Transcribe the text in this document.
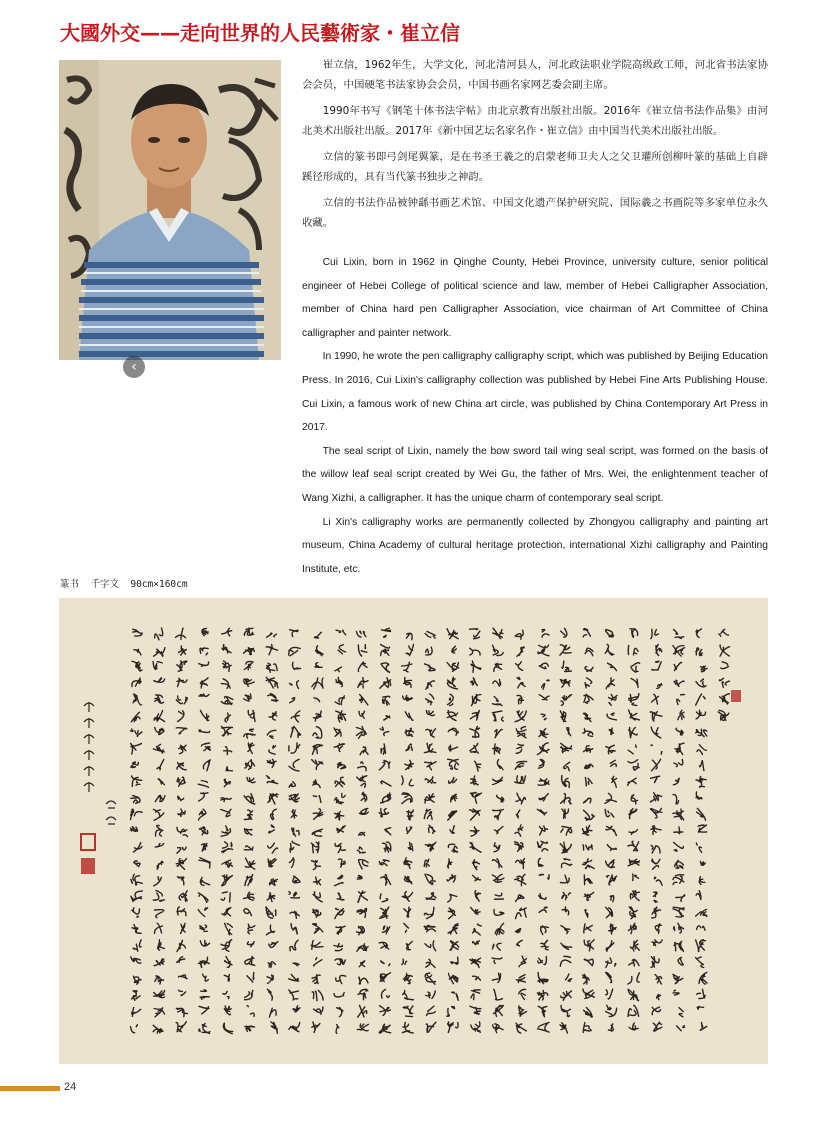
大國外交——走向世界的人民藝術家・崔立信
‹

崔立信，1962年生，大学文化，河北清河县人，河北政法职业学院高级政工师，河北省书法家协会会员，中国硬笔书法家协会会员，中国书画名家网艺委会副主席。

1990年书写《钢笔十体书法字帖》由北京教育出版社出版。2016年《崔立信书法作品集》由河北美术出版社出版。2017年《新中国艺坛名家名作・崔立信》由中国当代美术出版社出版。

立信的篆书即弓剑尾翼篆，是在书圣王羲之的启蒙老师卫夫人之父卫瓘所创柳叶篆的基础上自辟蹊径形成的，具有当代篆书独步之神韵。

立信的书法作品被钟繇书画艺术馆、中国文化遗产保护研究院、国际羲之书画院等多家单位永久收藏。

Cui Lixin, born in 1962 in Qinghe County, Hebei Province, university culture, senior political engineer of Hebei College of political science and law, member of Hebei Calligrapher Association, member of China hard pen Calligrapher Association, vice chairman of Art Committee of China calligrapher and painter network.

In 1990, he wrote the pen calligraphy calligraphy script, which was published by Beijing Education Press. In 2016, Cui Lixin's calligraphy collection was published by Hebei Fine Arts Publishing House. Cui Lixin, a famous work of new China art circle, was published by China Contemporary Art Press in 2017.

The seal script of Lixin, namely the bow sword tail wing seal script, was formed on the basis of the willow leaf seal script created by Wei Gu, the father of Mrs. Wei, the enlightenment teacher of Wang Xizhi, a calligrapher. It has the unique charm of contemporary seal script.

Li Xin's calligraphy works are permanently collected by Zhongyou calligraphy and painting art museum, China Academy of cultural heritage protection, international Xizhi calligraphy and Painting Institute, etc.

篆书  千字文  90cm×160cm
24
